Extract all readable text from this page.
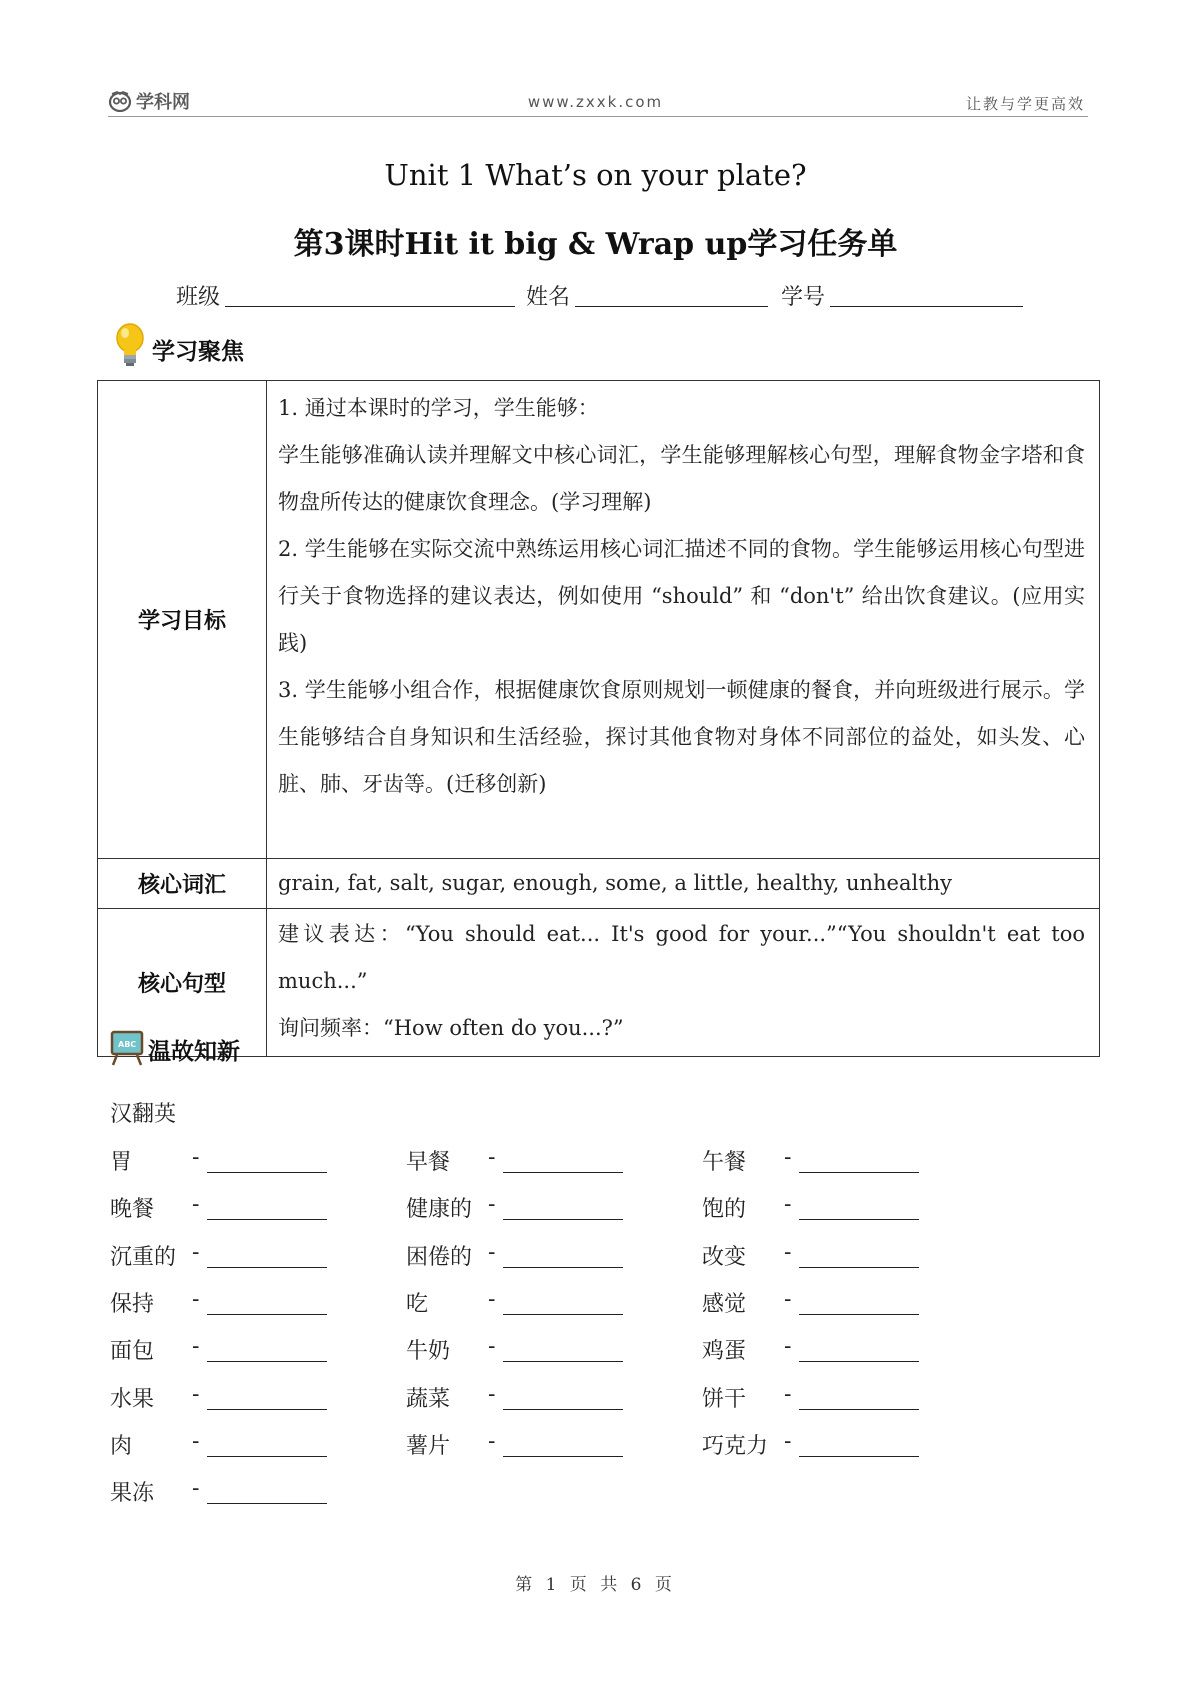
学科网	www.zxxk.com	让教与学更高效
Unit 1 What’s on your plate?
第3课时Hit it big & Wrap up学习任务单
班级	姓名	学号
学习聚焦
学习目标	1. 通过本课时的学习，学生能够：

学生能够准确认读并理解文中核心词汇，学生能够理解核心句型，理解食物金字塔和食物盘所传达的健康饮食理念。(学习理解)

2. 学生能够在实际交流中熟练运用核心词汇描述不同的食物。学生能够运用核心句型进行关于食物选择的建议表达，例如使用 “should” 和 “don't” 给出饮食建议。(应用实践)

3. 学生能够小组合作，根据健康饮食原则规划一顿健康的餐食，并向班级进行展示。学生能够结合自身知识和生活经验，探讨其他食物对身体不同部位的益处，如头发、心脏、肺、牙齿等。(迁移创新)

核心词汇	grain, fat, salt, sugar, enough, some, a little, healthy, unhealthy

核心句型	建议表达：“You should eat... It's good for your...”“You shouldn't eat too much...”

询问频率：“How often do you...?”

ABC 温故知新
汉翻英
胃	-	早餐 -	午餐 -
晚餐 -	健康的 -	饱的 -
沉重的 -	困倦的 -	改变 -
保持 -	吃	-	感觉 -
面包 -	牛奶 -	鸡蛋 -
水果 -	蔬菜 -	饼干 -
肉	-	薯片 -	巧克力 -
果冻 -
第 1 页 共 6 页
